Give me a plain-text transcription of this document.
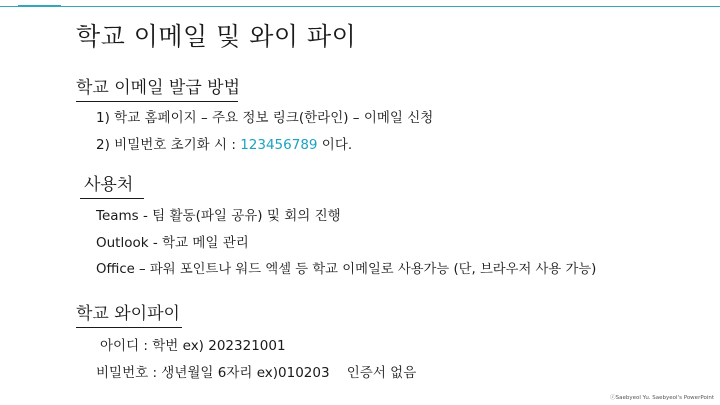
학교 이메일 및 와이 파이
학교 이메일 발급 방법
1) 학교 홈페이지 – 주요 정보 링크(한라인) – 이메일 신청
2) 비밀번호 초기화 시 : 123456789 이다.
사용처
Teams - 팀 활동(파일 공유) 및 회의 진행
Outlook - 학교 메일 관리
Office – 파워 포인트나 워드 엑셀 등 학교 이메일로 사용가능 (단, 브라우저 사용 가능)
학교 와이파이
아이디 : 학번 ex) 202321001
비밀번호 : 생년월일 6자리 ex)010203    인증서 없음
ⓒSaebyeol Yu. Saebyeol's PowerPoint
